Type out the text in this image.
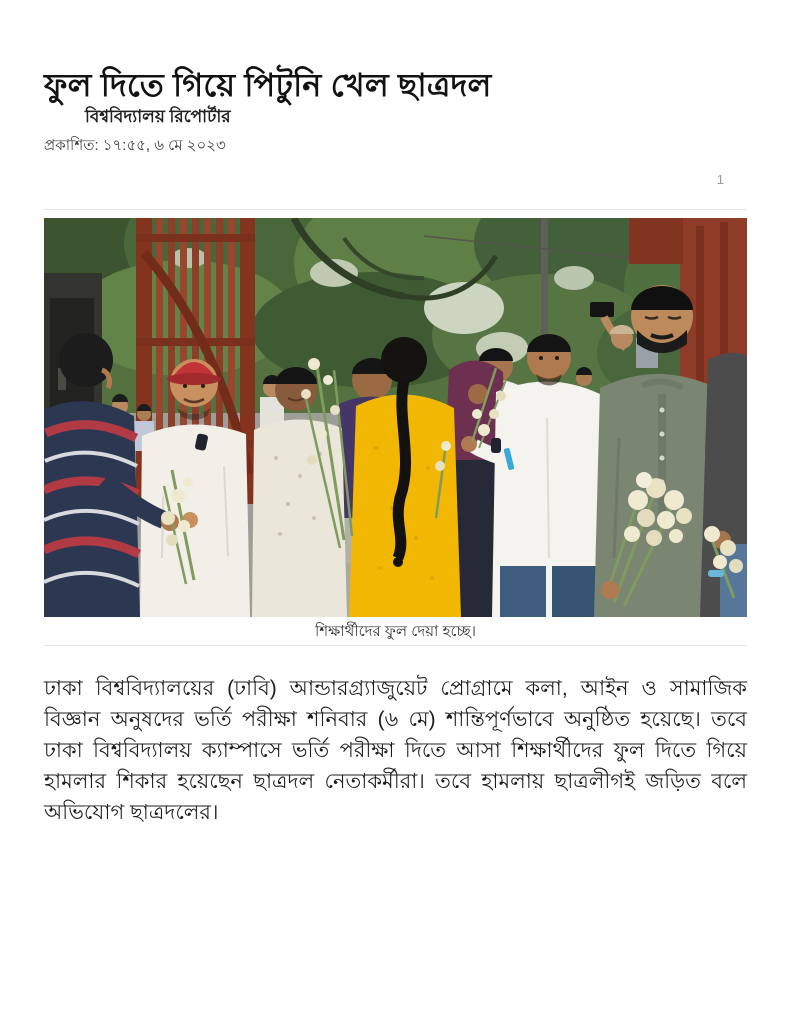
ফুল দিতে গিয়ে পিটুনি খেল ছাত্রদল
বিশ্ববিদ্যালয় রিপোর্টার
প্রকাশিত: ১৭:৫৫, ৬ মে ২০২৩
1
শিক্ষার্থীদের ফুল দেয়া হচ্ছে।

ঢাকা বিশ্ববিদ্যালয়ের (ঢাবি) আন্ডারগ্র্যাজুয়েট প্রোগ্রামে কলা, আইন ও সামাজিক বিজ্ঞান অনুষদের ভর্তি পরীক্ষা শনিবার (৬ মে) শান্তিপূর্ণভাবে অনুষ্ঠিত হয়েছে। তবে ঢাকা বিশ্ববিদ্যালয় ক্যাম্পাসে ভর্তি পরীক্ষা দিতে আসা শিক্ষার্থীদের ফুল দিতে গিয়ে হামলার শিকার হয়েছেন ছাত্রদল নেতাকর্মীরা। তবে হামলায় ছাত্রলীগই জড়িত বলে অভিযোগ ছাত্রদলের।
